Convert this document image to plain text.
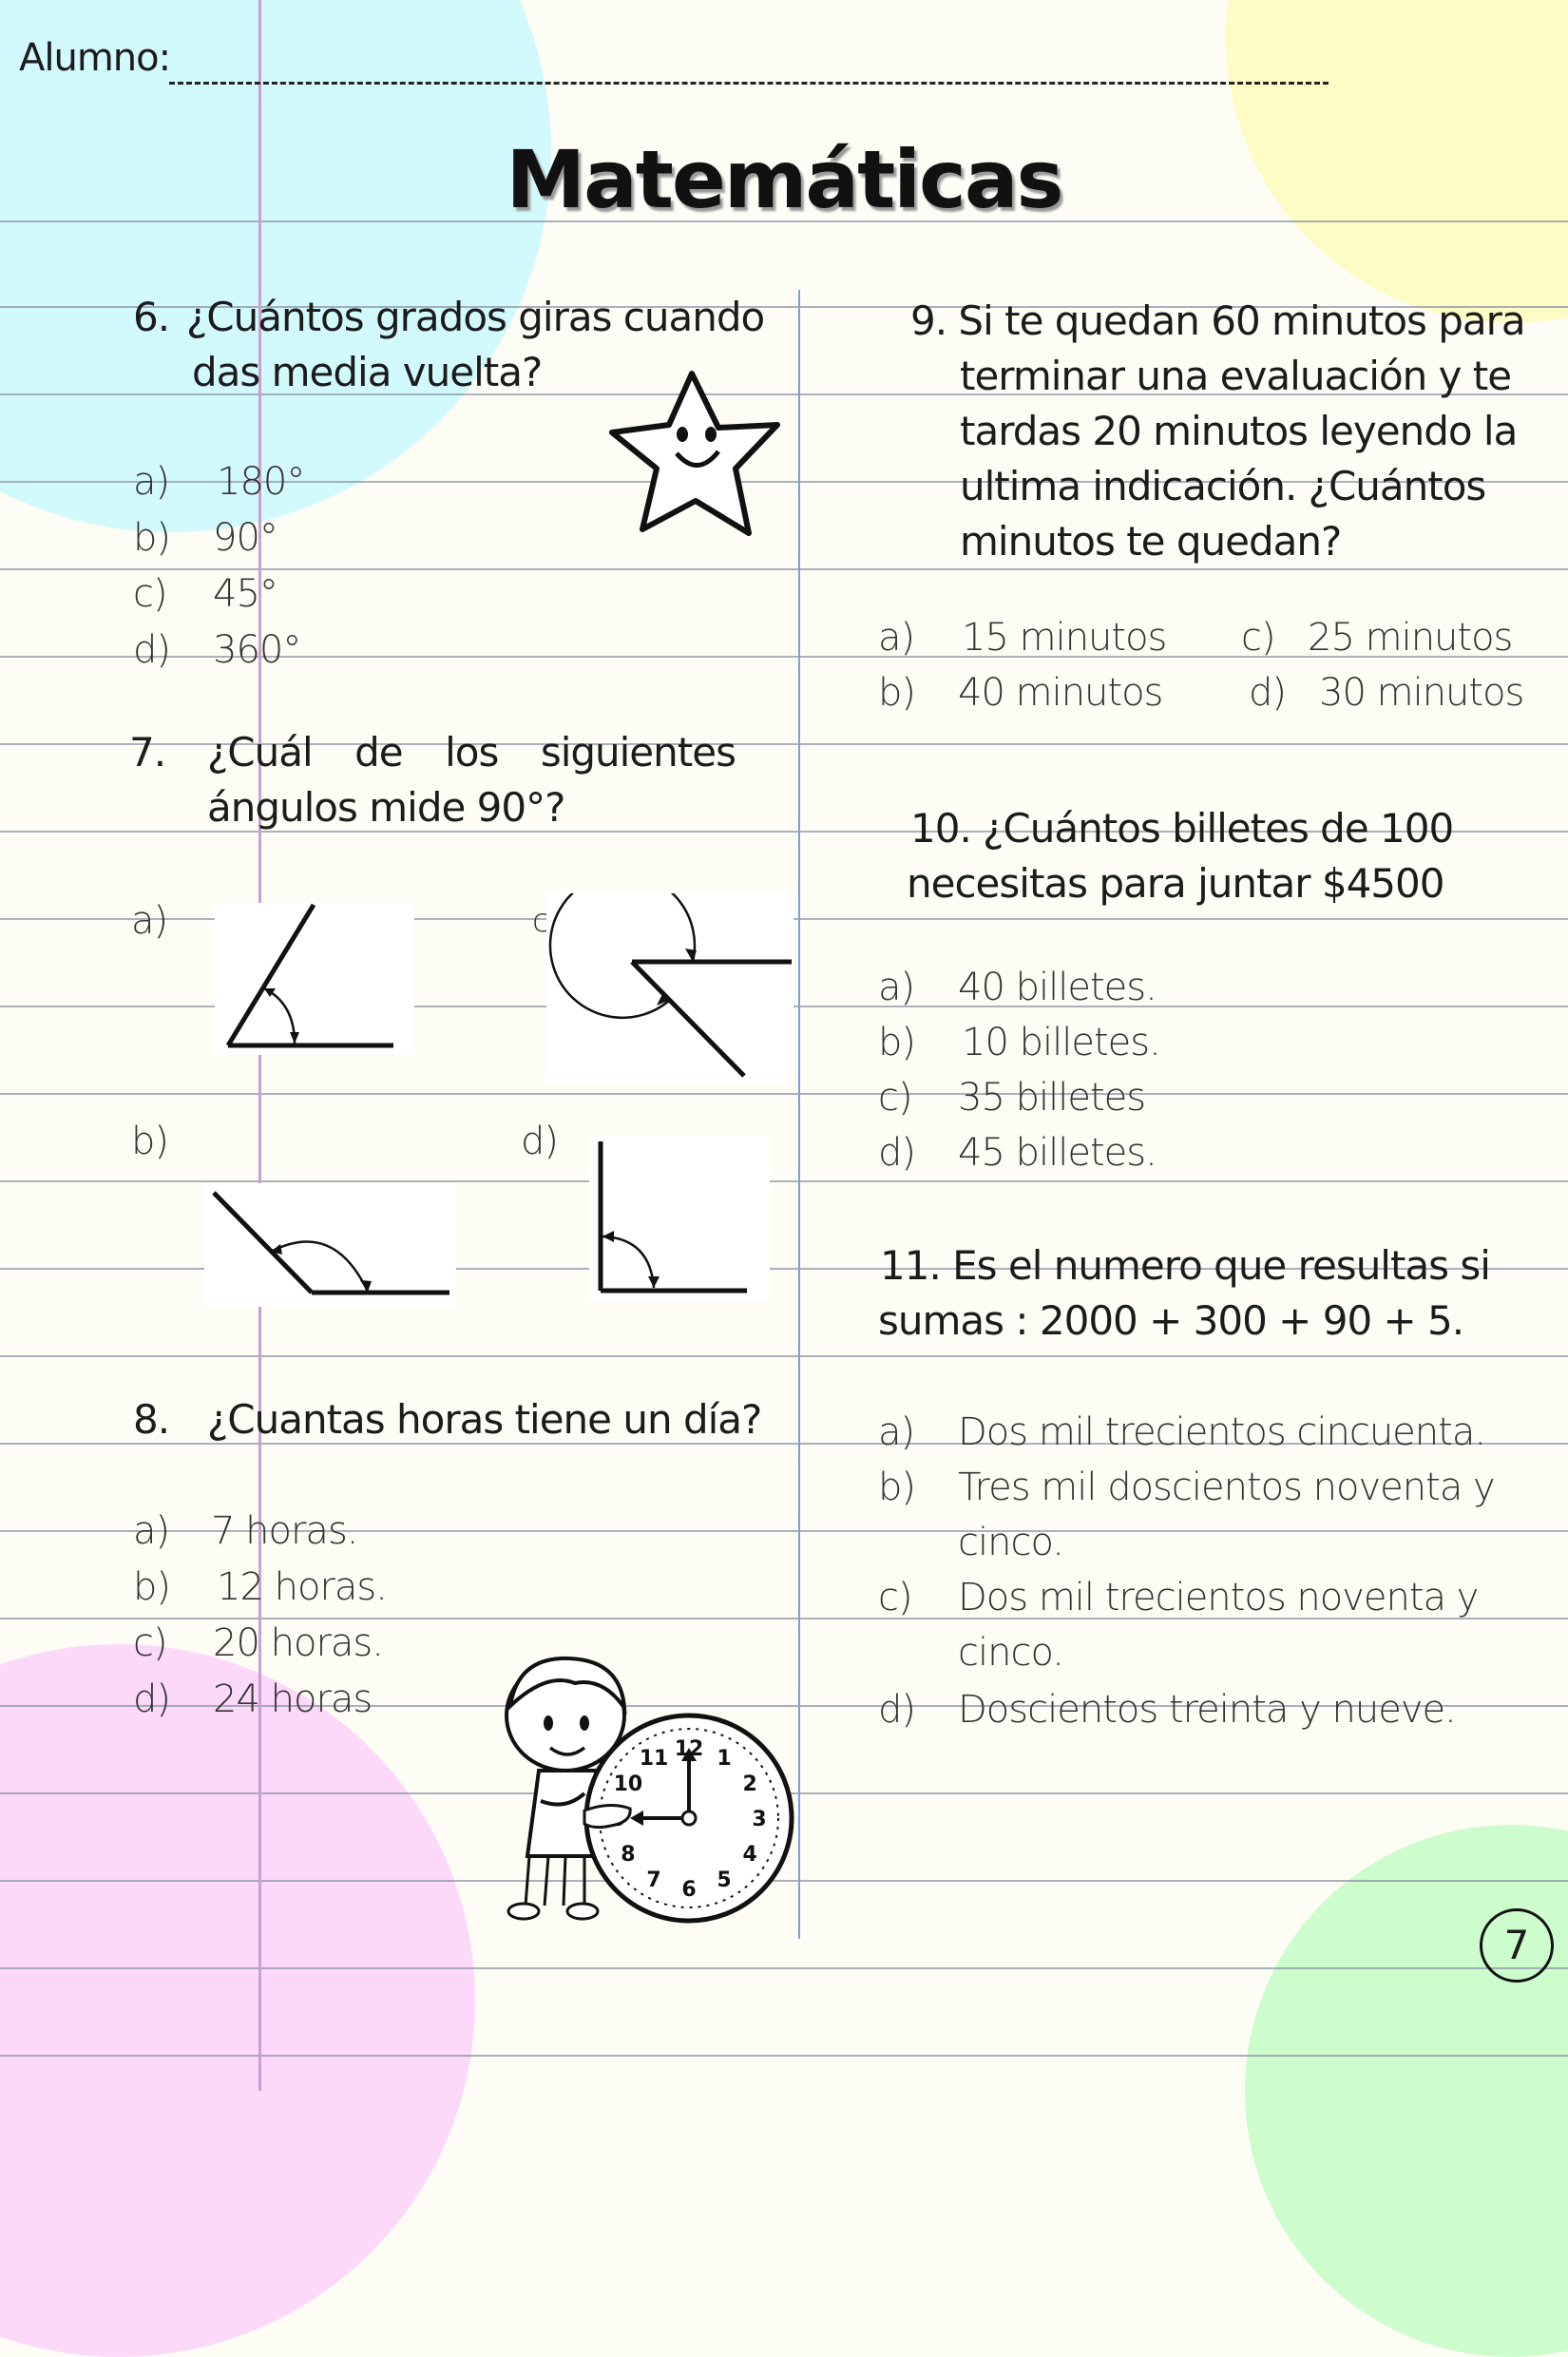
Alumno:
Matemáticas
6. ¿Cuántos grados giras cuando
das media vuelta?
a) 180°
b) 90°
c) 45°
d) 360°
7. ¿Cuál de los siguientes
ángulos mide 90°?
a)
b)
c
d)
8. ¿Cuantas horas tiene un día?
a) 7 horas.
b) 12 horas.
c) 20 horas.
d) 24 horas
12 1
2
3
4
5
6
7
8
10
11
9. Si te quedan 60 minutos para
terminar una evaluación y te
tardas 20 minutos leyendo la
ultima indicación. ¿Cuántos
minutos te quedan?
a) 15 minutos c) 25 minutos
b) 40 minutos d) 30 minutos
10. ¿Cuántos billetes de 100
necesitas para juntar $4500
a) 40 billetes.
b) 10 billetes.
c) 35 billetes
d) 45 billetes.
11. Es el numero que resultas si
sumas : 2000 + 300 + 90 + 5.
a) Dos mil trecientos cincuenta.
b) Tres mil doscientos noventa y
cinco.
c) Dos mil trecientos noventa y
cinco.
d) Doscientos treinta y nueve.
7
